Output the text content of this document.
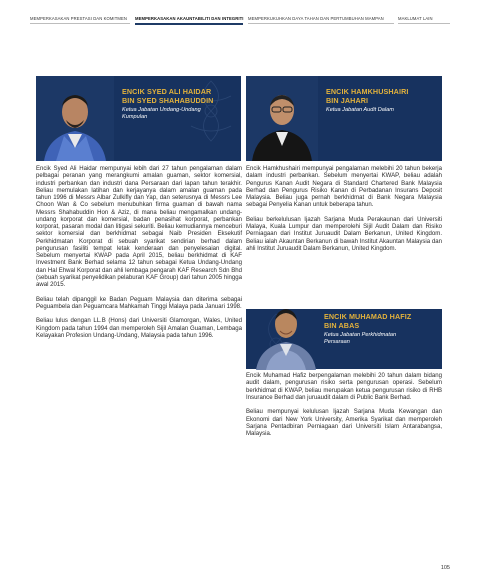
MEMPERKASAKAN PRESTASI DAN KOMITMEN MEMPERKASAKAN AKAUNTABILITI DAN INTEGRITI MEMPERKUKUHKAN DAYA TAHAN DAN PERTUMBUHAN MAMPAN	MAKLUMAT LAIN
ENCIK SYED ALI HAIDAR
BIN SYED SHAHABUDDIN
Ketua Jabatan Undang-Undang
Kumpulan
ENCIK HAMKHUSHAIRI
BIN JAHARI
Ketua Jabatan Audit Dalam
ENCIK MUHAMAD HAFIZ
BIN ABAS
Ketua Jabatan Perkhidmatan
Persaraan

Encik Syed Ali Haidar mempunyai lebih dari 27 tahun pengalaman dalam pelbagai peranan yang merangkumi amalan guaman, sektor komersial, industri perbankan dan industri dana Persaraan dari lapan tahun terakhir. Beliau memulakan latihan dan kerjayanya dalam amalan guaman pada tahun 1996 di Messrs Albar Zulkifly dan Yap, dan seterusnya di Messrs Lee Choon Wan & Co sebelum menubuhkan firma guaman di bawah nama Messrs Shahabuddin Hon & Aziz, di mana beliau mengamalkan undang-undang korporat dan komersial, badan penasihat korporat, perbankan korporat, pasaran modal dan litigasi sekuriti. Beliau kemudiannya menceburi sektor komersial dan berkhidmat sebagai Naib Presiden Eksekutif Perkhidmatan Korporat di sebuah syarikat sendirian berhad dalam pengurusan fasiliti tempat letak kenderaan dan penyelesaian digital. Sebelum menyertai KWAP pada April 2015, beliau berkhidmat di KAF Investment Bank Berhad selama 12 tahun sebagai Ketua Undang-Undang dan Hal Ehwal Korporat dan ahli lembaga pengarah KAF Research Sdn Bhd (sebuah syarikat penyelidikan pelaburan KAF Group) dari tahun 2005 hingga awal 2015.

Beliau telah dipanggil ke Badan Peguam Malaysia dan diterima sebagai Peguambela dan Peguamcara Mahkamah Tinggi Malaya pada Januari 1998.

Beliau lulus dengan LL.B (Hons) dari Universiti Glamorgan, Wales, United Kingdom pada tahun 1994 dan memperoleh Sijil Amalan Guaman, Lembaga Kelayakan Profesion Undang-Undang, Malaysia pada tahun 1996.

Encik Hamkhushairi mempunyai pengalaman melebihi 20 tahun bekerja dalam industri perbankan. Sebelum menyertai KWAP, beliau adalah Pengurus Kanan Audit Negara di Standard Chartered Bank Malaysia Berhad dan Pengurus Risiko Kanan di Perbadanan Insurans Deposit Malaysia. Beliau juga pernah berkhidmat di Bank Negara Malaysia sebagai Penyelia Kanan untuk beberapa tahun.

Beliau berkelulusan Ijazah Sarjana Muda Perakaunan dari Universiti Malaya, Kuala Lumpur dan memperolehi Sijil Audit Dalam dan Risiko Perniagaan dari Institut Juruaudit Dalam Berkanun, United Kingdom. Beliau ialah Akauntan Berkanun di bawah Institut Akauntan Malaysia dan ahli Institut Juruaudit Dalam Berkanun, United Kingdom.

Encik Muhamad Hafiz berpengalaman melebihi 20 tahun dalam bidang audit dalam, pengurusan risiko serta pengurusan operasi. Sebelum berkhidmat di KWAP, beliau merupakan ketua pengurusan risiko di RHB Insurance Berhad dan juruaudit dalam di Public Bank Berhad.

Beliau mempunyai kelulusan Ijazah Sarjana Muda Kewangan dan Ekonomi dari New York University, Amerika Syarikat dan memperoleh Sarjana Pentadbiran Perniagaan dari Universiti Islam Antarabangsa, Malaysia.

105
